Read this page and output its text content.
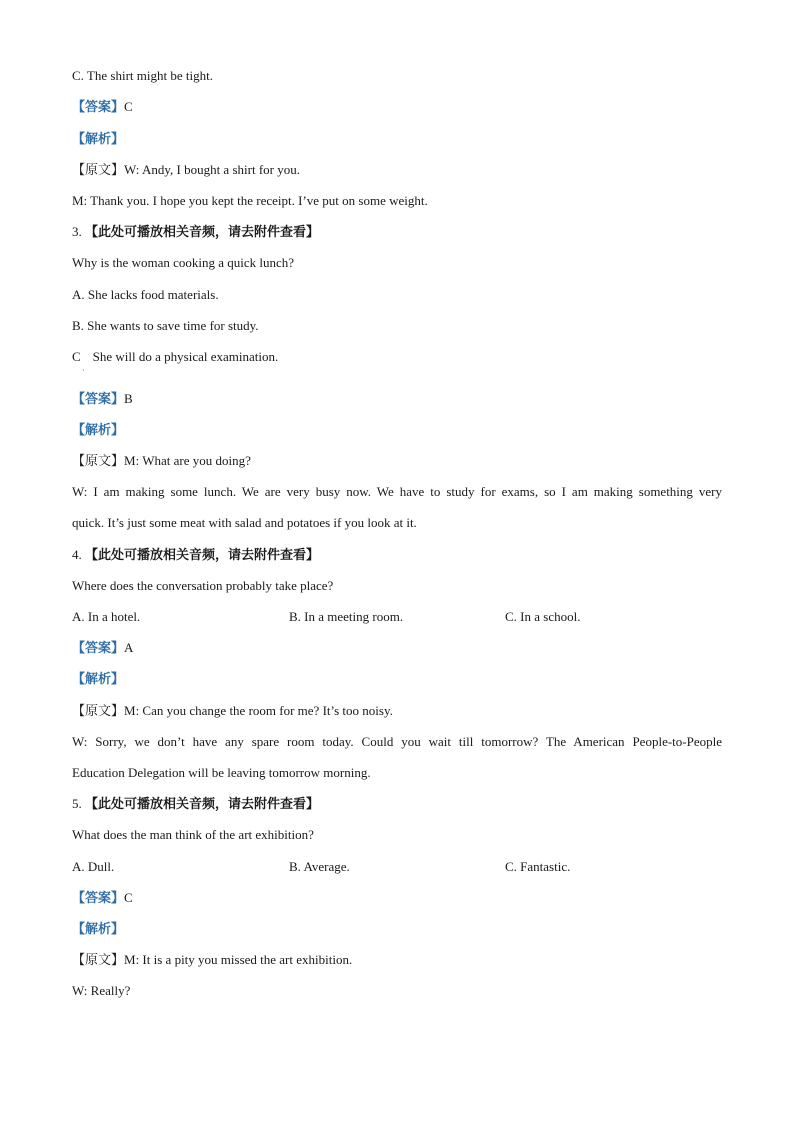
C. The shirt might be tight.
【答案】C
【解析】
【原文】W: Andy, I bought a shirt for you.
M: Thank you. I hope you kept the receipt. I’ve put on some weight.
3. 【此处可播放相关音频，请去附件查看】
Why is the woman cooking a quick lunch?
A. She lacks food materials.
B. She wants to save time for study.
C She will do a physical examination.
·
【答案】B
【解析】
【原文】M: What are you doing?
W: I am making some lunch. We are very busy now. We have to study for exams, so I am making something very
quick. It’s just some meat with salad and potatoes if you look at it.
4. 【此处可播放相关音频，请去附件查看】
Where does the conversation probably take place?
A. In a hotel.	B. In a meeting room.	C. In a school.
【答案】A
【解析】
【原文】M: Can you change the room for me? It’s too noisy.
W: Sorry, we don’t have any spare room today. Could you wait till tomorrow? The American People-to-People
Education Delegation will be leaving tomorrow morning.
5. 【此处可播放相关音频，请去附件查看】
What does the man think of the art exhibition?
A. Dull.	B. Average.	C. Fantastic.
【答案】C
【解析】
【原文】M: It is a pity you missed the art exhibition.
W: Really?
